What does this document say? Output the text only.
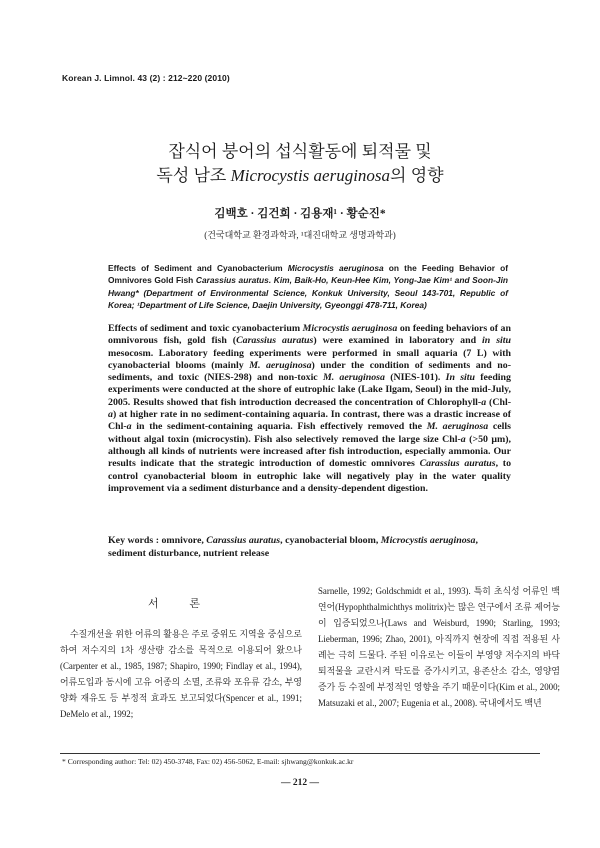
Korean J. Limnol. 43 (2) : 212~220 (2010)
잡식어 붕어의 섭식활동에 퇴적물 및
독성 남조 Microcystis aeruginosa의 영향
김백호 · 김건희 · 김용재¹ · 황순진*
(건국대학교 환경과학과, ¹대진대학교 생명과학과)
Effects of Sediment and Cyanobacterium Microcystis aeruginosa on the Feeding Behavior of Omnivores Gold Fish Carassius auratus. Kim, Baik-Ho, Keun-Hee Kim, Yong-Jae Kim¹ and Soon-Jin Hwang* (Department of Environmental Science, Konkuk University, Seoul 143-701, Republic of Korea; ¹Department of Life Science, Daejin University, Gyeonggi 478-711, Korea)
Effects of sediment and toxic cyanobacterium Microcystis aeruginosa on feeding behaviors of an omnivorous fish, gold fish (Carassius auratus) were examined in laboratory and in situ mesocosm. Laboratory feeding experiments were performed in small aquaria (7 L) with cyanobacterial blooms (mainly M. aeruginosa) under the condition of sediments and no-sediments, and toxic (NIES-298) and non-toxic M. aeruginosa (NIES-101). In situ feeding experiments were conducted at the shore of eutrophic lake (Lake Ilgam, Seoul) in the mid-July, 2005. Results showed that fish introduction decreased the concentration of Chlorophyll-a (Chl-a) at higher rate in no sediment-containing aquaria. In contrast, there was a drastic increase of Chl-a in the sediment-containing aquaria. Fish effectively removed the M. aeruginosa cells without algal toxin (microcystin). Fish also selectively removed the large size Chl-a (>50 μm), although all kinds of nutrients were increased after fish introduction, especially ammonia. Our results indicate that the strategic introduction of domestic omnivores Carassius auratus, to control cyanobacterial bloom in eutrophic lake will negatively play in the water quality improvement via a sediment disturbance and a density-dependent digestion.
Key words : omnivore, Carassius auratus, cyanobacterial bloom, Microcystis aeruginosa, sediment disturbance, nutrient release
서 론

수질개선을 위한 어류의 활용은 주로 중위도 지역을 중심으로 하여 저수지의 1차 생산량 감소를 목적으로 이용되어 왔으나(Carpenter et al., 1985, 1987; Shapiro, 1990; Findlay et al., 1994), 어류도입과 동시에 고유 어종의 소멸, 조류와 포유류 감소, 부영양화 재유도 등 부정적 효과도 보고되었다(Spencer et al., 1991; DeMelo et al., 1992;

Sarnelle, 1992; Goldschmidt et al., 1993). 특히 초식성 어류인 백연어(Hypophthalmichthys molitrix)는 많은 연구에서 조류 제어능이 입증되었으나(Laws and Weisburd, 1990; Starling, 1993; Lieberman, 1996; Zhao, 2001), 아직까지 현장에 직접 적용된 사례는 극히 드물다. 주된 이유로는 이들이 부영양 저수지의 바닥 퇴적물을 교란시켜 탁도를 증가시키고, 용존산소 감소, 영양염 증가 등 수질에 부정적인 영향을 주기 때문이다(Kim et al., 2000; Matsuzaki et al., 2007; Eugenia et al., 2008). 국내에서도 백년

* Corresponding author: Tel: 02) 450-3748, Fax: 02) 456-5062, E-mail: sjhwang@konkuk.ac.kr
— 212 —
